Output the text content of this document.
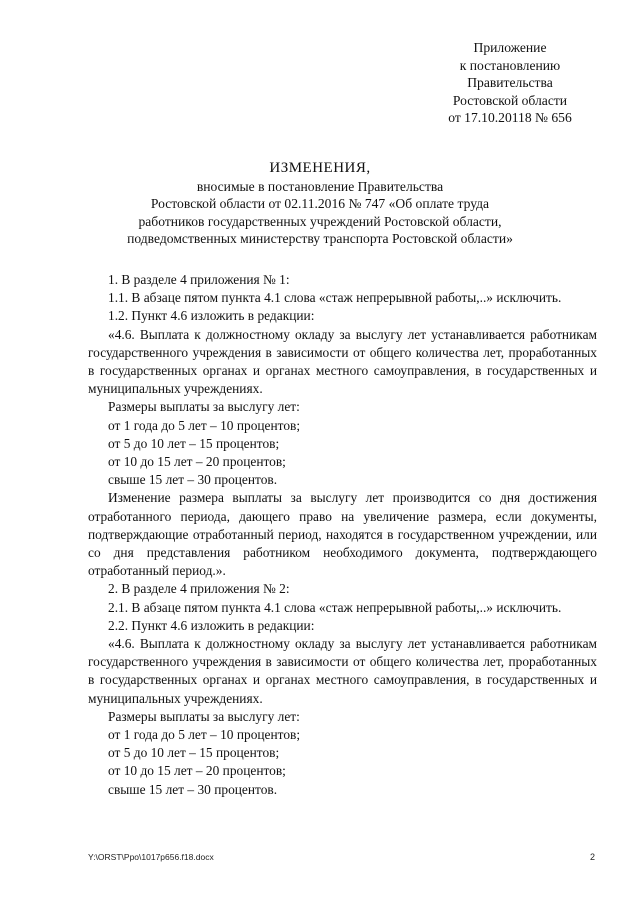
Приложение
к постановлению
Правительства
Ростовской области
от 17.10.20118 № 656
ИЗМЕНЕНИЯ,
вносимые в постановление Правительства
Ростовской области от 02.11.2016 № 747 «Об оплате труда
работников государственных учреждений Ростовской области,
подведомственных министерству транспорта Ростовской области»

1. В разделе 4 приложения № 1:

1.1. В абзаце пятом пункта 4.1 слова «стаж непрерывной работы,..» исключить.

1.2. Пункт 4.6 изложить в редакции:

«4.6. Выплата к должностному окладу за выслугу лет устанавливается работникам государственного учреждения в зависимости от общего количества лет, проработанных в государственных органах и органах местного самоуправления, в государственных и муниципальных учреждениях.

Размеры выплаты за выслугу лет:

от 1 года до 5 лет – 10 процентов;

от 5 до 10 лет – 15 процентов;

от 10 до 15 лет – 20 процентов;

свыше 15 лет – 30 процентов.

Изменение размера выплаты за выслугу лет производится со дня достижения отработанного периода, дающего право на увеличение размера, если документы, подтверждающие отработанный период, находятся в государственном учреждении, или со дня представления работником необходимого документа, подтверждающего отработанный период.».

2. В разделе 4 приложения № 2:

2.1. В абзаце пятом пункта 4.1 слова «стаж непрерывной работы,..» исключить.

2.2. Пункт 4.6 изложить в редакции:

«4.6. Выплата к должностному окладу за выслугу лет устанавливается работникам государственного учреждения в зависимости от общего количества лет, проработанных в государственных органах и органах местного самоуправления, в государственных и муниципальных учреждениях.

Размеры выплаты за выслугу лет:

от 1 года до 5 лет – 10 процентов;

от 5 до 10 лет – 15 процентов;

от 10 до 15 лет – 20 процентов;

свыше 15 лет – 30 процентов.

Y:\ORST\Ppo\1017p656.f18.docx	2
